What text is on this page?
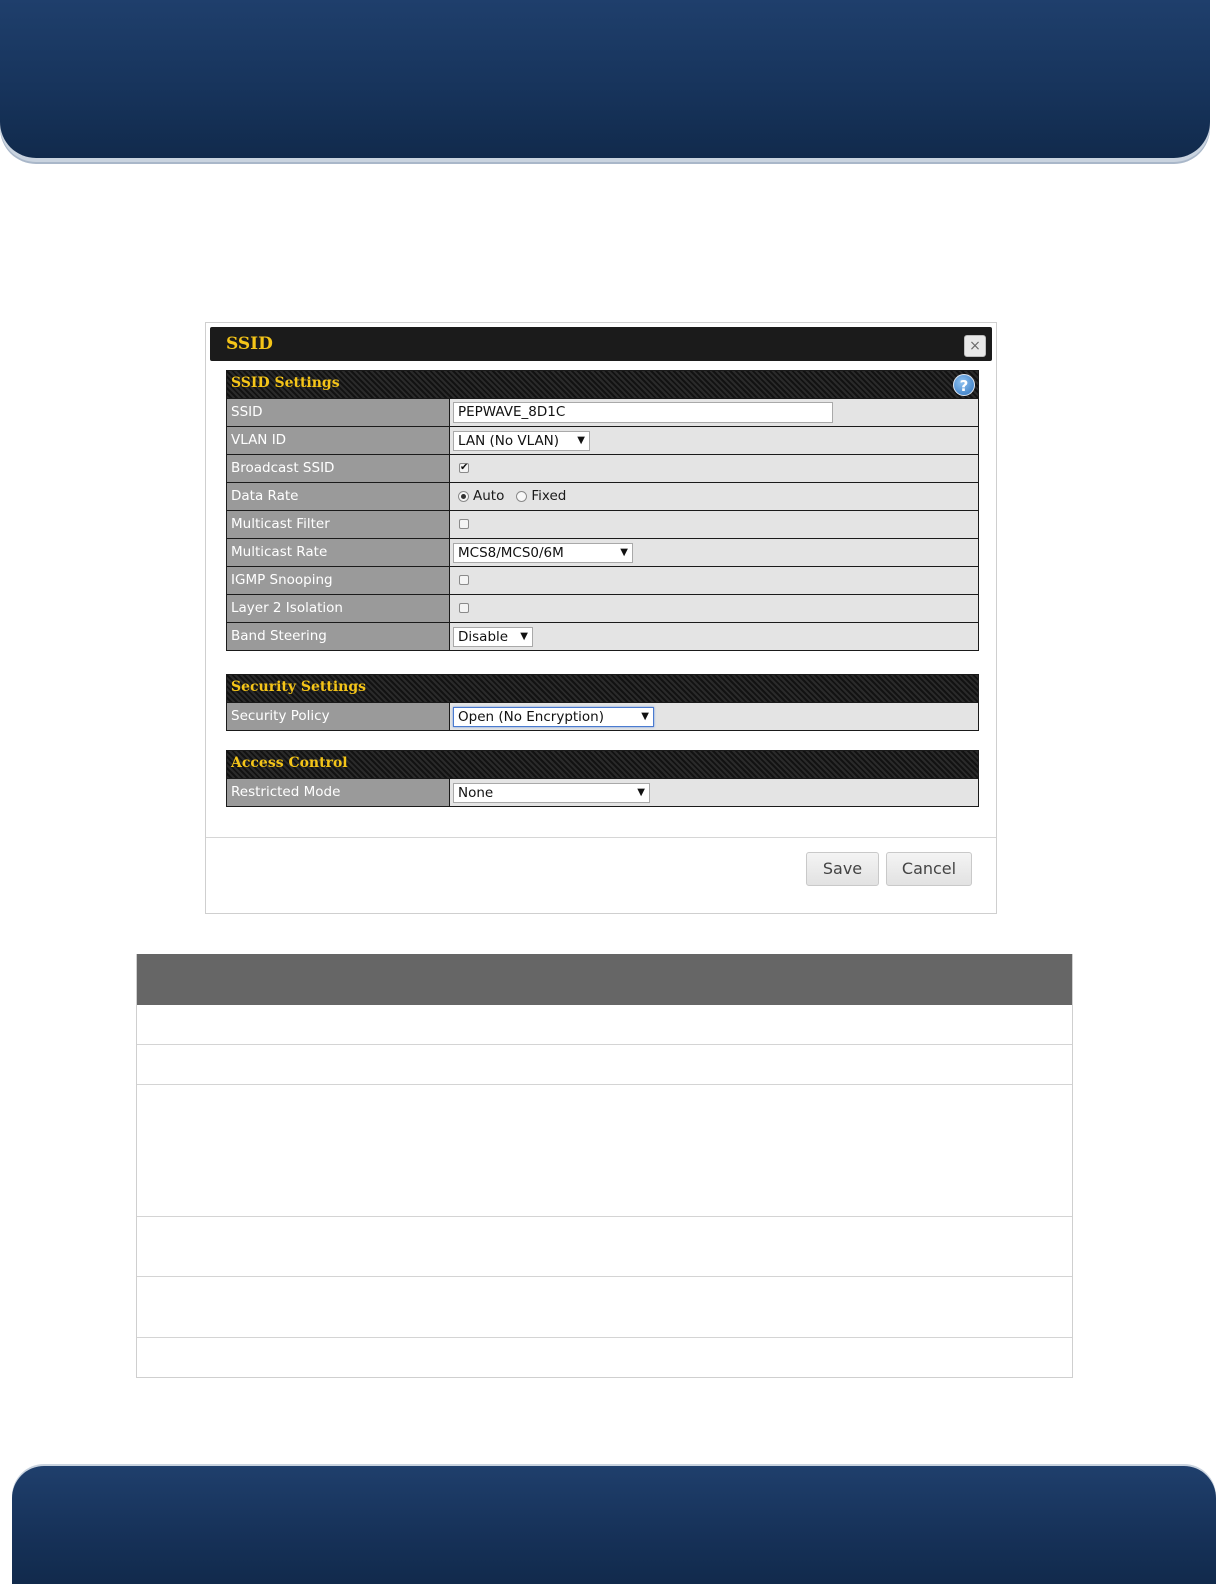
SSID	×
SSID Settings	?
SSID	PEPWAVE_8D1C
VLAN ID	LAN (No VLAN) ▼
Broadcast SSID	✔
Data Rate	Auto Fixed
Multicast Filter
Multicast Rate	MCS8/MCS0/6M	▼
IGMP Snooping
Layer 2 Isolation
Band Steering	Disable ▼
Security Settings
Security Policy	Open (No Encryption)	▼
Access Control
Restricted Mode	None	▼
Save	Cancel
